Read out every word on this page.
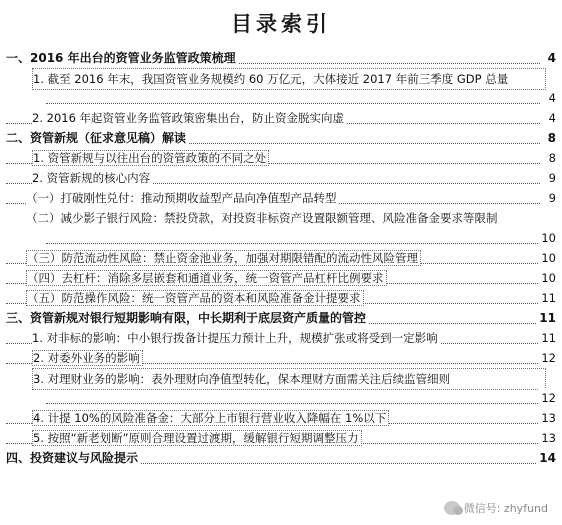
目录索引
一、2016 年出台的资管业务监管政策梳理	4
1. 截至 2016 年末，我国资管业务规模约 60 万亿元，大体接近 2017 年前三季度 GDP 总量
4
2. 2016 年起资管业务监管政策密集出台，防止资金脱实向虚	4
二、资管新规（征求意见稿）解读	8
1. 资管新规与以往出台的资管政策的不同之处	8
2. 资管新规的核心内容	9
（一）打破刚性兑付：推动预期收益型产品向净值型产品转型	9
（二）减少影子银行风险：禁投贷款，对投资非标资产设置限额管理、风险准备金要求等限制
10
（三）防范流动性风险：禁止资金池业务，加强对期限错配的流动性风险管理	10
（四）去杠杆：消除多层嵌套和通道业务，统一资管产品杠杆比例要求	10
（五）防范操作风险：统一资管产品的资本和风险准备金计提要求	11
三、资管新规对银行短期影响有限，中长期利于底层资产质量的管控	11
1. 对非标的影响：中小银行拨备计提压力预计上升，规模扩张或将受到一定影响	11
2. 对委外业务的影响	12
3. 对理财业务的影响：表外理财向净值型转化，保本理财方面需关注后续监管细则
12
4. 计提 10%的风险准备金：大部分上市银行营业收入降幅在 1%以下	13
5. 按照“新老划断”原则合理设置过渡期，缓解银行短期调整压力	13
四、投资建议与风险提示	14
微信号: zhyfund
